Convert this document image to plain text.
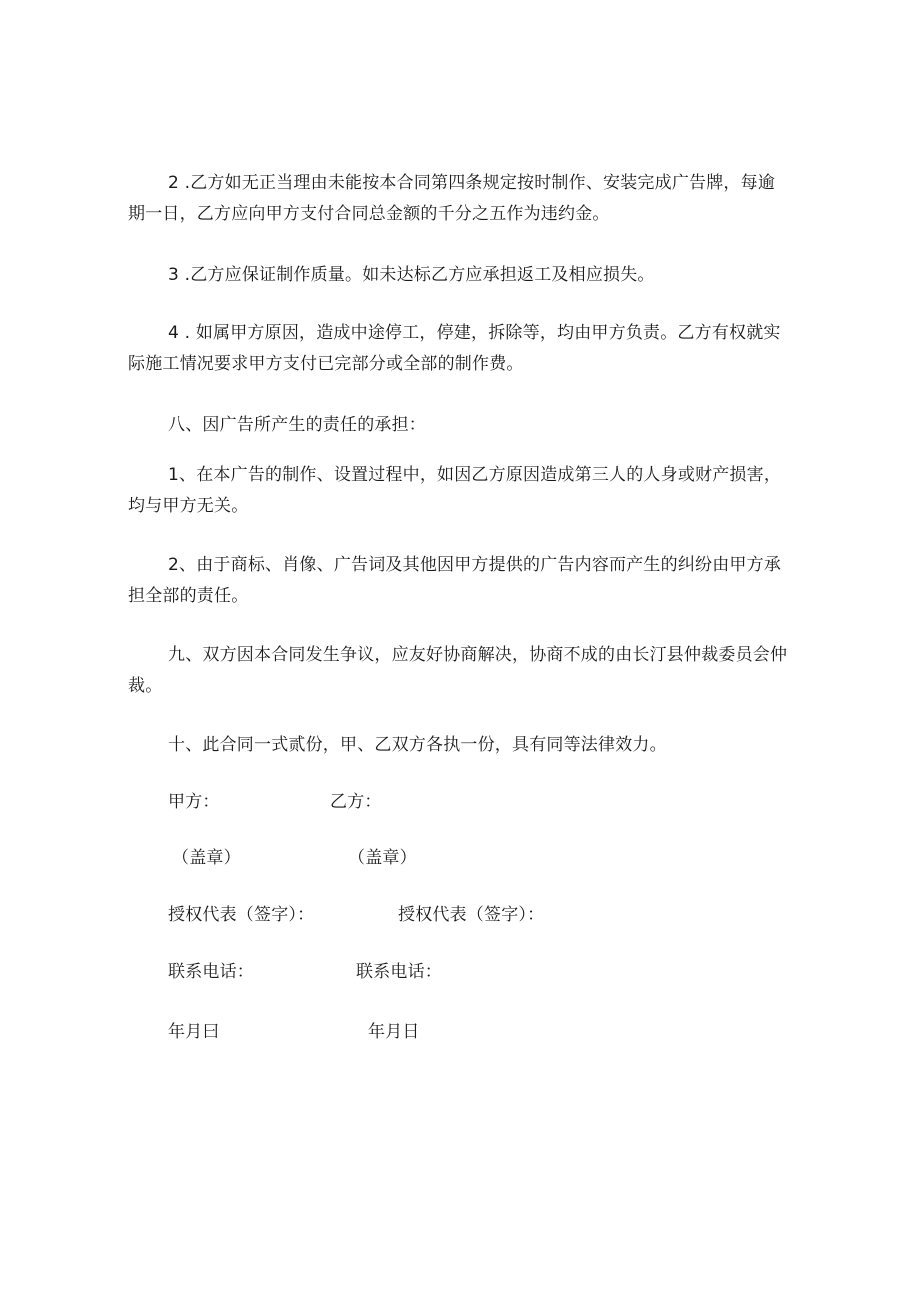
2 .乙方如无正当理由未能按本合同第四条规定按时制作、安装完成广告牌，每逾期一日，乙方应向甲方支付合同总金额的千分之五作为违约金。

3 .乙方应保证制作质量。如未达标乙方应承担返工及相应损失。

4 . 如属甲方原因，造成中途停工，停建，拆除等，均由甲方负责。乙方有权就实际施工情况要求甲方支付已完部分或全部的制作费。

八、因广告所产生的责任的承担：

1、在本广告的制作、设置过程中，如因乙方原因造成第三人的人身或财产损害，均与甲方无关。

2、由于商标、肖像、广告词及其他因甲方提供的广告内容而产生的纠纷由甲方承担全部的责任。

九、双方因本合同发生争议，应友好协商解决，协商不成的由长汀县仲裁委员会仲裁。

十、此合同一式贰份，甲、乙双方各执一份，具有同等法律效力。

甲方：	乙方：
（盖章）	（盖章）
授权代表（签字）：	授权代表（签字）：
联系电话：	联系电话：
年月曰	年月日
